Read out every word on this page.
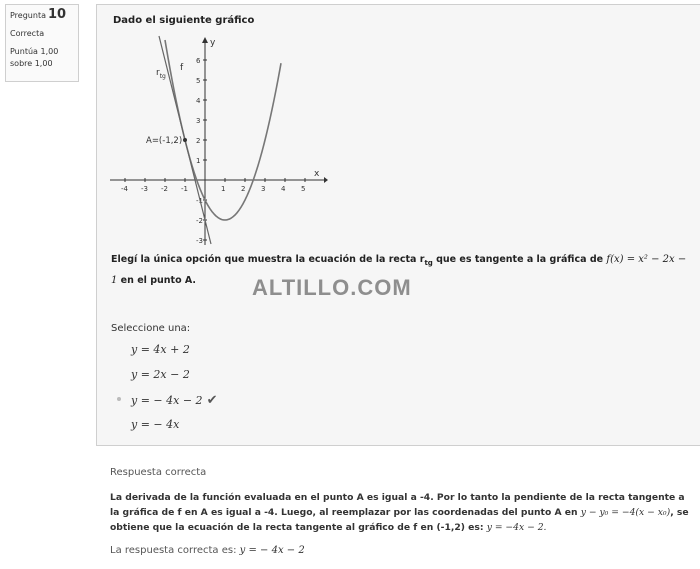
Pregunta 10
Correcta
Puntúa 1,00 sobre 1,00
Dado el siguiente gráfico
x
y
-4 -3 -2 -1	1 2 3 4 5
6
5
4
3
2
1
-1
-2
-3
A=(-1,2)
f
$r_{tg}$
Elegí la única opción que muestra la ecuación de la recta $r_{tg}$ que es tangente a la gráfica de f(x) = x² − 2x − 1 en el punto A.	ALTILLO.COM
Seleccione una:
y = 4x + 2
y = 2x − 2
y = − 4x − 2 ✔
y = − 4x
Respuesta correcta
La derivada de la función evaluada en el punto A es igual a -4. Por lo tanto la pendiente de la recta tangente a la gráfica de f en A es igual a -4. Luego, al reemplazar por las coordenadas del punto A en y − y₀ = −4(x − x₀), se obtiene que la ecuación de la recta tangente al gráfico de f en (-1,2) es: y = −4x − 2.
La respuesta correcta es: y = − 4x − 2
